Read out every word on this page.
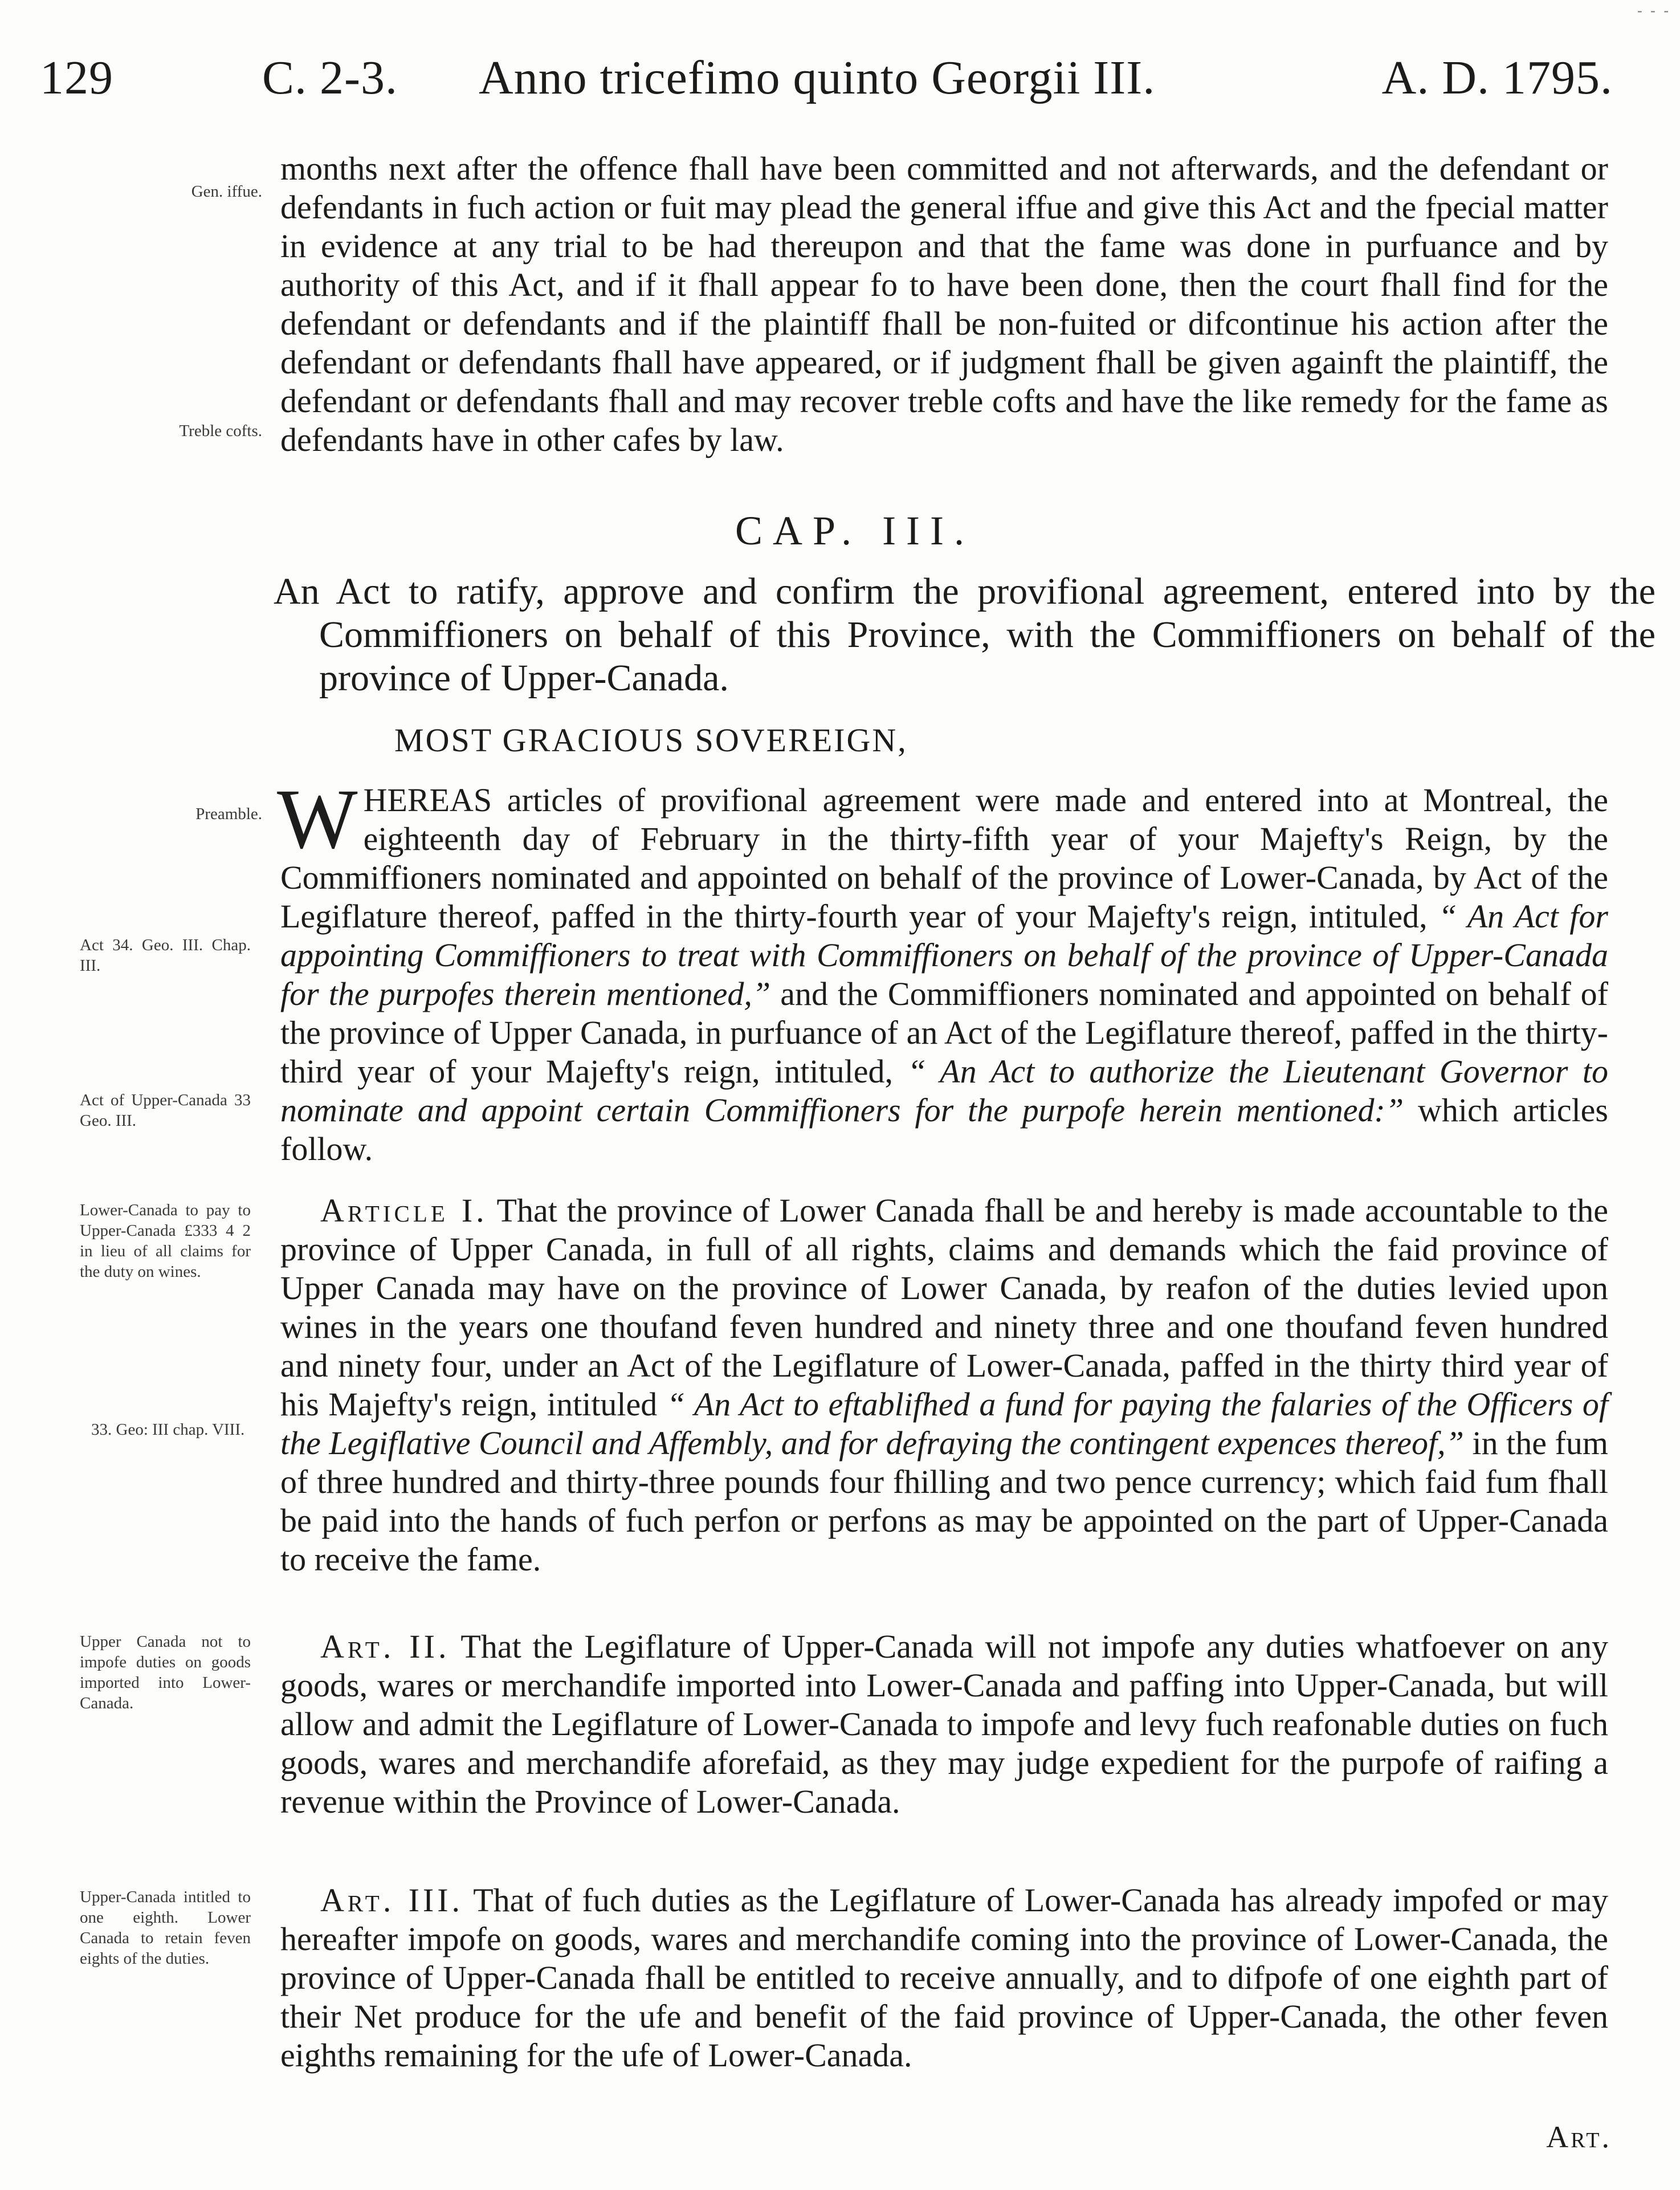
- - -
129	C. 2-3. Anno tricefimo quinto Georgii III.	A. D. 1795.
Gen. iffue.
Treble cofts.
Preamble.
Act 34. Geo. III. Chap. III.
Act of Upper-Canada 33 Geo. III.
Lower-Canada to pay to Upper-Canada £333 4 2 in lieu of all claims for the duty on wines.
33. Geo: III chap. VIII.
Upper Canada not to impofe duties on goods imported into Lower-Canada.
Upper-Canada intitled to one eighth. Lower Canada to retain feven eights of the duties.

months next after the offence fhall have been committed and not afterwards, and the defendant or defendants in fuch action or fuit may plead the general iffue and give this Act and the fpecial matter in evidence at any trial to be had thereupon and that the fame was done in purfuance and by authority of this Act, and if it fhall appear fo to have been done, then the court fhall find for the defendant or defendants and if the plaintiff fhall be non-fuited or difcontinue his action after the defendant or defendants fhall have appeared, or if judgment fhall be given againft the plaintiff, the defendant or defendants fhall and may recover treble cofts and have the like remedy for the fame as defendants have in other cafes by law.

CAP. III.

An Act to ratify, approve and confirm the provifional agreement, entered into by the Commiffioners on behalf of this Province, with the Commiffioners on behalf of the province of Upper-Canada.

MOST GRACIOUS SOVEREIGN,

WHEREAS articles of provifional agreement were made and entered into at Montreal, the eighteenth day of February in the thirty-fifth year of your Majefty's Reign, by the Commiffioners nominated and appointed on behalf of the province of Lower-Canada, by Act of the Legiflature thereof, paffed in the thirty-fourth year of your Majefty's reign, intituled, “ An Act for appointing Commiffioners to treat with Commiffioners on behalf of the province of Upper-Canada for the purpofes therein mentioned,” and the Commiffioners nominated and appointed on behalf of the province of Upper Canada, in purfuance of an Act of the Legiflature thereof, paffed in the thirty-third year of your Majefty's reign, intituled, “ An Act to authorize the Lieutenant Governor to nominate and appoint certain Commiffioners for the purpofe herein mentioned:” which articles follow.

Article I. That the province of Lower Canada fhall be and hereby is made accountable to the province of Upper Canada, in full of all rights, claims and demands which the faid province of Upper Canada may have on the province of Lower Canada, by reafon of the duties levied upon wines in the years one thoufand feven hundred and ninety three and one thoufand feven hundred and ninety four, under an Act of the Legiflature of Lower-Canada, paffed in the thirty third year of his Majefty's reign, intituled “ An Act to eftablifhed a fund for paying the falaries of the Officers of the Legiflative Council and Affembly, and for defraying the contingent expences thereof,” in the fum of three hundred and thirty-three pounds four fhilling and two pence currency; which faid fum fhall be paid into the hands of fuch perfon or perfons as may be appointed on the part of Upper-Canada to receive the fame.

Art. II. That the Legiflature of Upper-Canada will not impofe any duties whatfoever on any goods, wares or merchandife imported into Lower-Canada and paffing into Upper-Canada, but will allow and admit the Legiflature of Lower-Canada to impofe and levy fuch reafonable duties on fuch goods, wares and merchandife aforefaid, as they may judge expedient for the purpofe of raifing a revenue within the Province of Lower-Canada.

Art. III. That of fuch duties as the Legiflature of Lower-Canada has already impofed or may hereafter impofe on goods, wares and merchandife coming into the province of Lower-Canada, the province of Upper-Canada fhall be entitled to receive annually, and to difpofe of one eighth part of their Net produce for the ufe and benefit of the faid province of Upper-Canada, the other feven eighths remaining for the ufe of Lower-Canada.

Art.
